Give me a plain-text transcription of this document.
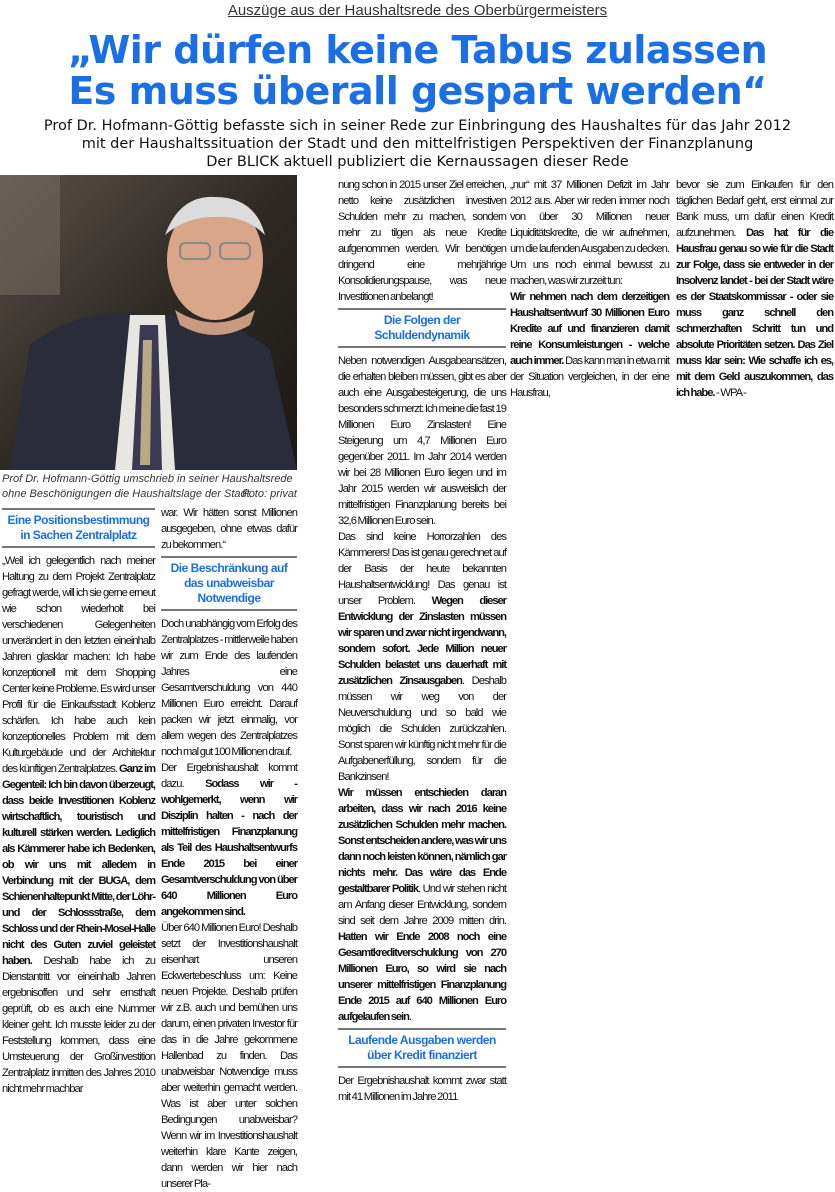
Auszüge aus der Haushaltsrede des Oberbürgermeisters
„Wir dürfen keine Tabus zulassen
Es muss überall gespart werden“
Prof Dr. Hofmann-Göttig befasste sich in seiner Rede zur Einbringung des Haushaltes für das Jahr 2012
mit der Haushaltssituation der Stadt und den mittelfristigen Perspektiven der Finanzplanung
Der BLICK aktuell publiziert die Kernaussagen dieser Rede
Prof Dr. Hofmann-Göttig umschrieb in seiner Haushaltsrede ohne Beschönigungen die Haushaltslage der Stadt.
Foto: privat
Eine Positionsbestimmung in Sachen Zentralplatz

„Weil ich gelegentlich nach meiner Haltung zu dem Projekt Zentralplatz gefragt werde, will ich sie gerne erneut wie schon wiederholt bei verschiedenen Gelegenheiten unverändert in den letzten eineinhalb Jahren glasklar machen: Ich habe konzeptionell mit dem Shopping Center keine Probleme. Es wird unser Profil für die Einkaufsstadt Koblenz schärfen. Ich habe auch kein konzeptionelles Problem mit dem Kulturgebäude und der Architektur des künftigen Zentralplatzes. Ganz im Gegenteil: Ich bin davon überzeugt, dass beide Investitionen Koblenz wirtschaftlich, touristisch und kulturell stärken werden. Lediglich als Kämmerer habe ich Bedenken, ob wir uns mit alledem in Verbindung mit der BUGA, dem Schienenhaltepunkt Mitte, der Löhr- und der Schlossstraße, dem Schloss und der Rhein-Mosel-Halle nicht des Guten zuviel geleistet haben. Deshalb habe ich zu Dienstantritt vor eineinhalb Jahren ergebnisoffen und sehr ernsthaft geprüft, ob es auch eine Nummer kleiner geht. Ich musste leider zu der Feststellung kommen, dass eine Umsteuerung der Großinvestition Zentralplatz inmitten des Jahres 2010 nicht mehr machbar

war. Wir hätten sonst Millionen ausgegeben, ohne etwas dafür zu bekommen.“

Die Beschränkung auf das unabweisbar Notwendige

Doch unabhängig vom Erfolg des Zentralplatzes - mittlerweile haben wir zum Ende des laufenden Jahres eine Gesamtverschuldung von 440 Millionen Euro erreicht. Darauf packen wir jetzt einmalig, vor allem wegen des Zentralplatzes noch mal gut 100 Millionen drauf.

Der Ergebnishaushalt kommt dazu. Sodass wir - wohlgemerkt, wenn wir Disziplin halten - nach der mittelfristigen Finanzplanung als Teil des Haushaltsentwurfs Ende 2015 bei einer Gesamtverschuldung von über 640 Millionen Euro angekommen sind.

Über 640 Millionen Euro! Deshalb setzt der Investitionshaushalt eisenhart unseren Eckwertebeschluss um: Keine neuen Projekte. Deshalb prüfen wir z.B. auch und bemühen uns darum, einen privaten Investor für das in die Jahre gekommene Hallenbad zu finden. Das unabweisbar Notwendige muss aber weiterhin gemacht werden. Was ist aber unter solchen Bedingungen unabweisbar? Wenn wir im Investitionshaushalt weiterhin klare Kante zeigen, dann werden wir hier nach unserer Pla-

nung schon in 2015 unser Ziel erreichen, netto keine zusätzlichen investiven Schulden mehr zu machen, sondern mehr zu tilgen als neue Kredite aufgenommen werden. Wir benötigen dringend eine mehrjährige Konsolidierungspause, was neue Investitionen anbelangt!

Die Folgen der Schuldendynamik

Neben notwendigen Ausgabeansätzen, die erhalten bleiben müssen, gibt es aber auch eine Ausgabesteigerung, die uns besonders schmerzt: Ich meine die fast 19 Millionen Euro Zinslasten! Eine Steigerung um 4,7 Millionen Euro gegenüber 2011. Im Jahr 2014 werden wir bei 28 Millionen Euro liegen und im Jahr 2015 werden wir ausweislich der mittelfristigen Finanzplanung bereits bei 32,6 Millionen Euro sein.

Das sind keine Horrorzahlen des Kämmerers! Das ist genau gerechnet auf der Basis der heute bekannten Haushaltsentwicklung! Das genau ist unser Problem. Wegen dieser Entwicklung der Zinslasten müssen wir sparen und zwar nicht irgendwann, sondern sofort. Jede Million neuer Schulden belastet uns dauerhaft mit zusätzlichen Zinsausgaben. Deshalb müssen wir weg von der Neuverschuldung und so bald wie möglich die Schulden zurückzahlen. Sonst sparen wir künftig nicht mehr für die Aufgabenerfüllung, sondern für die Bankzinsen!

Wir müssen entschieden daran arbeiten, dass wir nach 2016 keine zusätzlichen Schulden mehr machen. Sonst entscheiden andere, was wir uns dann noch leisten können, nämlich gar nichts mehr. Das wäre das Ende gestaltbarer Politik. Und wir stehen nicht am Anfang dieser Entwicklung, sondern sind seit dem Jahre 2009 mitten drin. Hatten wir Ende 2008 noch eine Gesamtkreditverschuldung von 270 Millionen Euro, so wird sie nach unserer mittelfristigen Finanzplanung Ende 2015 auf 640 Millionen Euro aufgelaufen sein.

Laufende Ausgaben werden über Kredit finanziert

Der Ergebnishaushalt kommt zwar statt mit 41 Millionen im Jahre 2011

„nur“ mit 37 Millionen Defizit im Jahr 2012 aus. Aber wir reden immer noch von über 30 Millionen neuer Liquiditätskredite, die wir aufnehmen, um die laufenden Ausgaben zu decken. Um uns noch einmal bewusst zu machen, was wir zurzeit tun:

Wir nehmen nach dem derzeitigen Haushaltsentwurf 30 Millionen Euro Kredite auf und finanzieren damit reine Konsumleistungen - welche auch immer. Das kann man in etwa mit der Situation vergleichen, in der eine Hausfrau,

bevor sie zum Einkaufen für den täglichen Bedarf geht, erst einmal zur Bank muss, um dafür einen Kredit aufzunehmen. Das hat für die Hausfrau genau so wie für die Stadt zur Folge, dass sie entweder in der Insolvenz landet - bei der Stadt wäre es der Staatskommissar - oder sie muss ganz schnell den schmerzhaften Schritt tun und absolute Prioritäten setzen. Das Ziel muss klar sein: Wie schaffe ich es, mit dem Geld auszukommen, das ich habe. - WPA -
